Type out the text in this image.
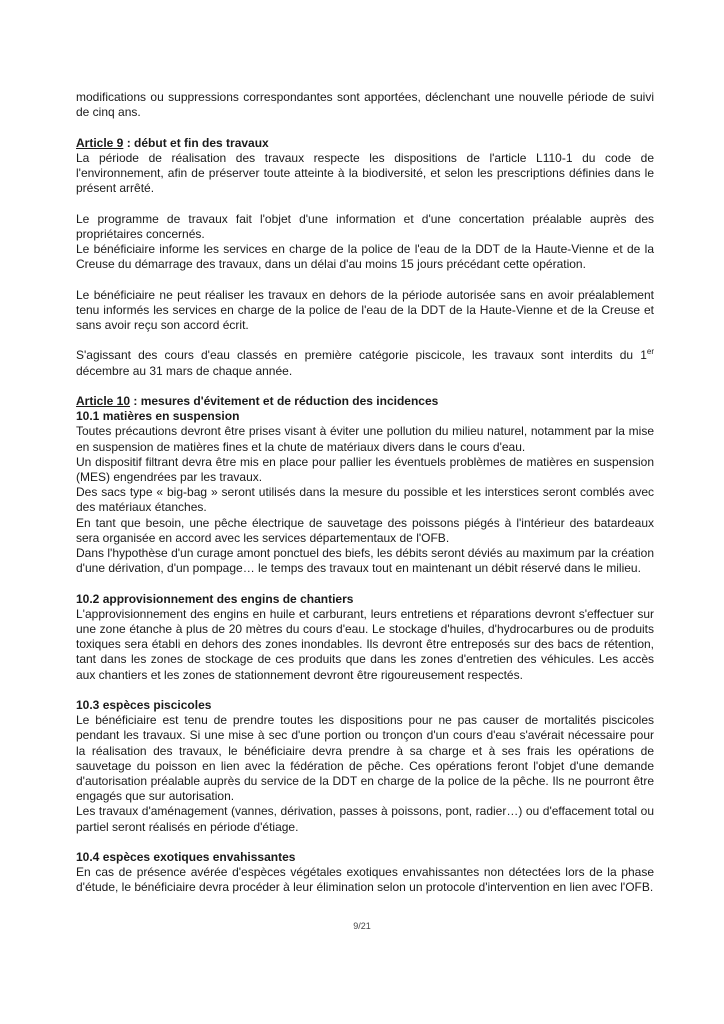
modifications ou suppressions correspondantes sont apportées, déclenchant une nouvelle période de suivi de cinq ans.

Article 9 : début et fin des travaux

La période de réalisation des travaux respecte les dispositions de l'article L110-1 du code de l'environnement, afin de préserver toute atteinte à la biodiversité, et selon les prescriptions définies dans le présent arrêté.

Le programme de travaux fait l'objet d'une information et d'une concertation préalable auprès des propriétaires concernés.

Le bénéficiaire informe les services en charge de la police de l'eau de la DDT de la Haute-Vienne et de la Creuse du démarrage des travaux, dans un délai d'au moins 15 jours précédant cette opération.

Le bénéficiaire ne peut réaliser les travaux en dehors de la période autorisée sans en avoir préalablement tenu informés les services en charge de la police de l'eau de la DDT de la Haute-Vienne et de la Creuse et sans avoir reçu son accord écrit.

S'agissant des cours d'eau classés en première catégorie piscicole, les travaux sont interdits du 1er décembre au 31 mars de chaque année.

Article 10 : mesures d'évitement et de réduction des incidences

10.1 matières en suspension

Toutes précautions devront être prises visant à éviter une pollution du milieu naturel, notamment par la mise en suspension de matières fines et la chute de matériaux divers dans le cours d'eau.

Un dispositif filtrant devra être mis en place pour pallier les éventuels problèmes de matières en suspension (MES) engendrées par les travaux.

Des sacs type « big-bag » seront utilisés dans la mesure du possible et les interstices seront comblés avec des matériaux étanches.

En tant que besoin, une pêche électrique de sauvetage des poissons piégés à l'intérieur des batardeaux sera organisée en accord avec les services départementaux de l'OFB.

Dans l'hypothèse d'un curage amont ponctuel des biefs, les débits seront déviés au maximum par la création d'une dérivation, d'un pompage… le temps des travaux tout en maintenant un débit réservé dans le milieu.

10.2 approvisionnement des engins de chantiers

L'approvisionnement des engins en huile et carburant, leurs entretiens et réparations devront s'effectuer sur une zone étanche à plus de 20 mètres du cours d'eau. Le stockage d'huiles, d'hydrocarbures ou de produits toxiques sera établi en dehors des zones inondables. Ils devront être entreposés sur des bacs de rétention, tant dans les zones de stockage de ces produits que dans les zones d'entretien des véhicules. Les accès aux chantiers et les zones de stationnement devront être rigoureusement respectés.

10.3 espèces piscicoles

Le bénéficiaire est tenu de prendre toutes les dispositions pour ne pas causer de mortalités piscicoles pendant les travaux. Si une mise à sec d'une portion ou tronçon d'un cours d'eau s'avérait nécessaire pour la réalisation des travaux, le bénéficiaire devra prendre à sa charge et à ses frais les opérations de sauvetage du poisson en lien avec la fédération de pêche. Ces opérations feront l'objet d'une demande d'autorisation préalable auprès du service de la DDT en charge de la police de la pêche. Ils ne pourront être engagés que sur autorisation.

Les travaux d'aménagement (vannes, dérivation, passes à poissons, pont, radier…) ou d'effacement total ou partiel seront réalisés en période d'étiage.

10.4 espèces exotiques envahissantes

En cas de présence avérée d'espèces végétales exotiques envahissantes non détectées lors de la phase d'étude, le bénéficiaire devra procéder à leur élimination selon un protocole d'intervention en lien avec l'OFB.

9/21
